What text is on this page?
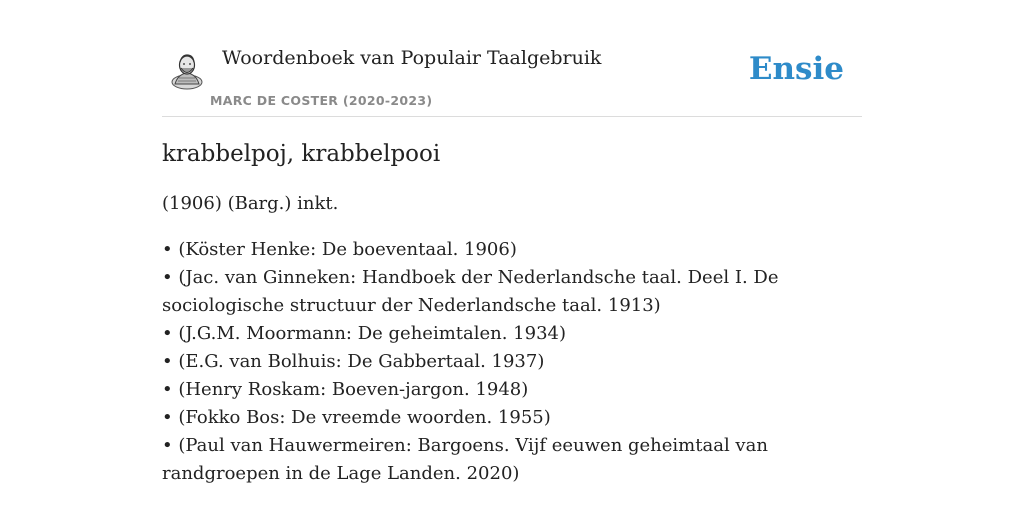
Woordenboek van Populair Taalgebruik
MARC DE COSTER (2020-2023)
Ensie
krabbelpoj, krabbelpooi

(1906) (Barg.) inkt.

• (Köster Henke: De boeventaal. 1906)
• (Jac. van Ginneken: Handboek der Nederlandsche taal. Deel I. De sociologische structuur der Nederlandsche taal. 1913)
• (J.G.M. Moormann: De geheimtalen. 1934)
• (E.G. van Bolhuis: De Gabbertaal. 1937)
• (Henry Roskam: Boeven-jargon. 1948)
• (Fokko Bos: De vreemde woorden. 1955)
• (Paul van Hauwermeiren: Bargoens. Vijf eeuwen geheimtaal van randgroepen in de Lage Landen. 2020)
